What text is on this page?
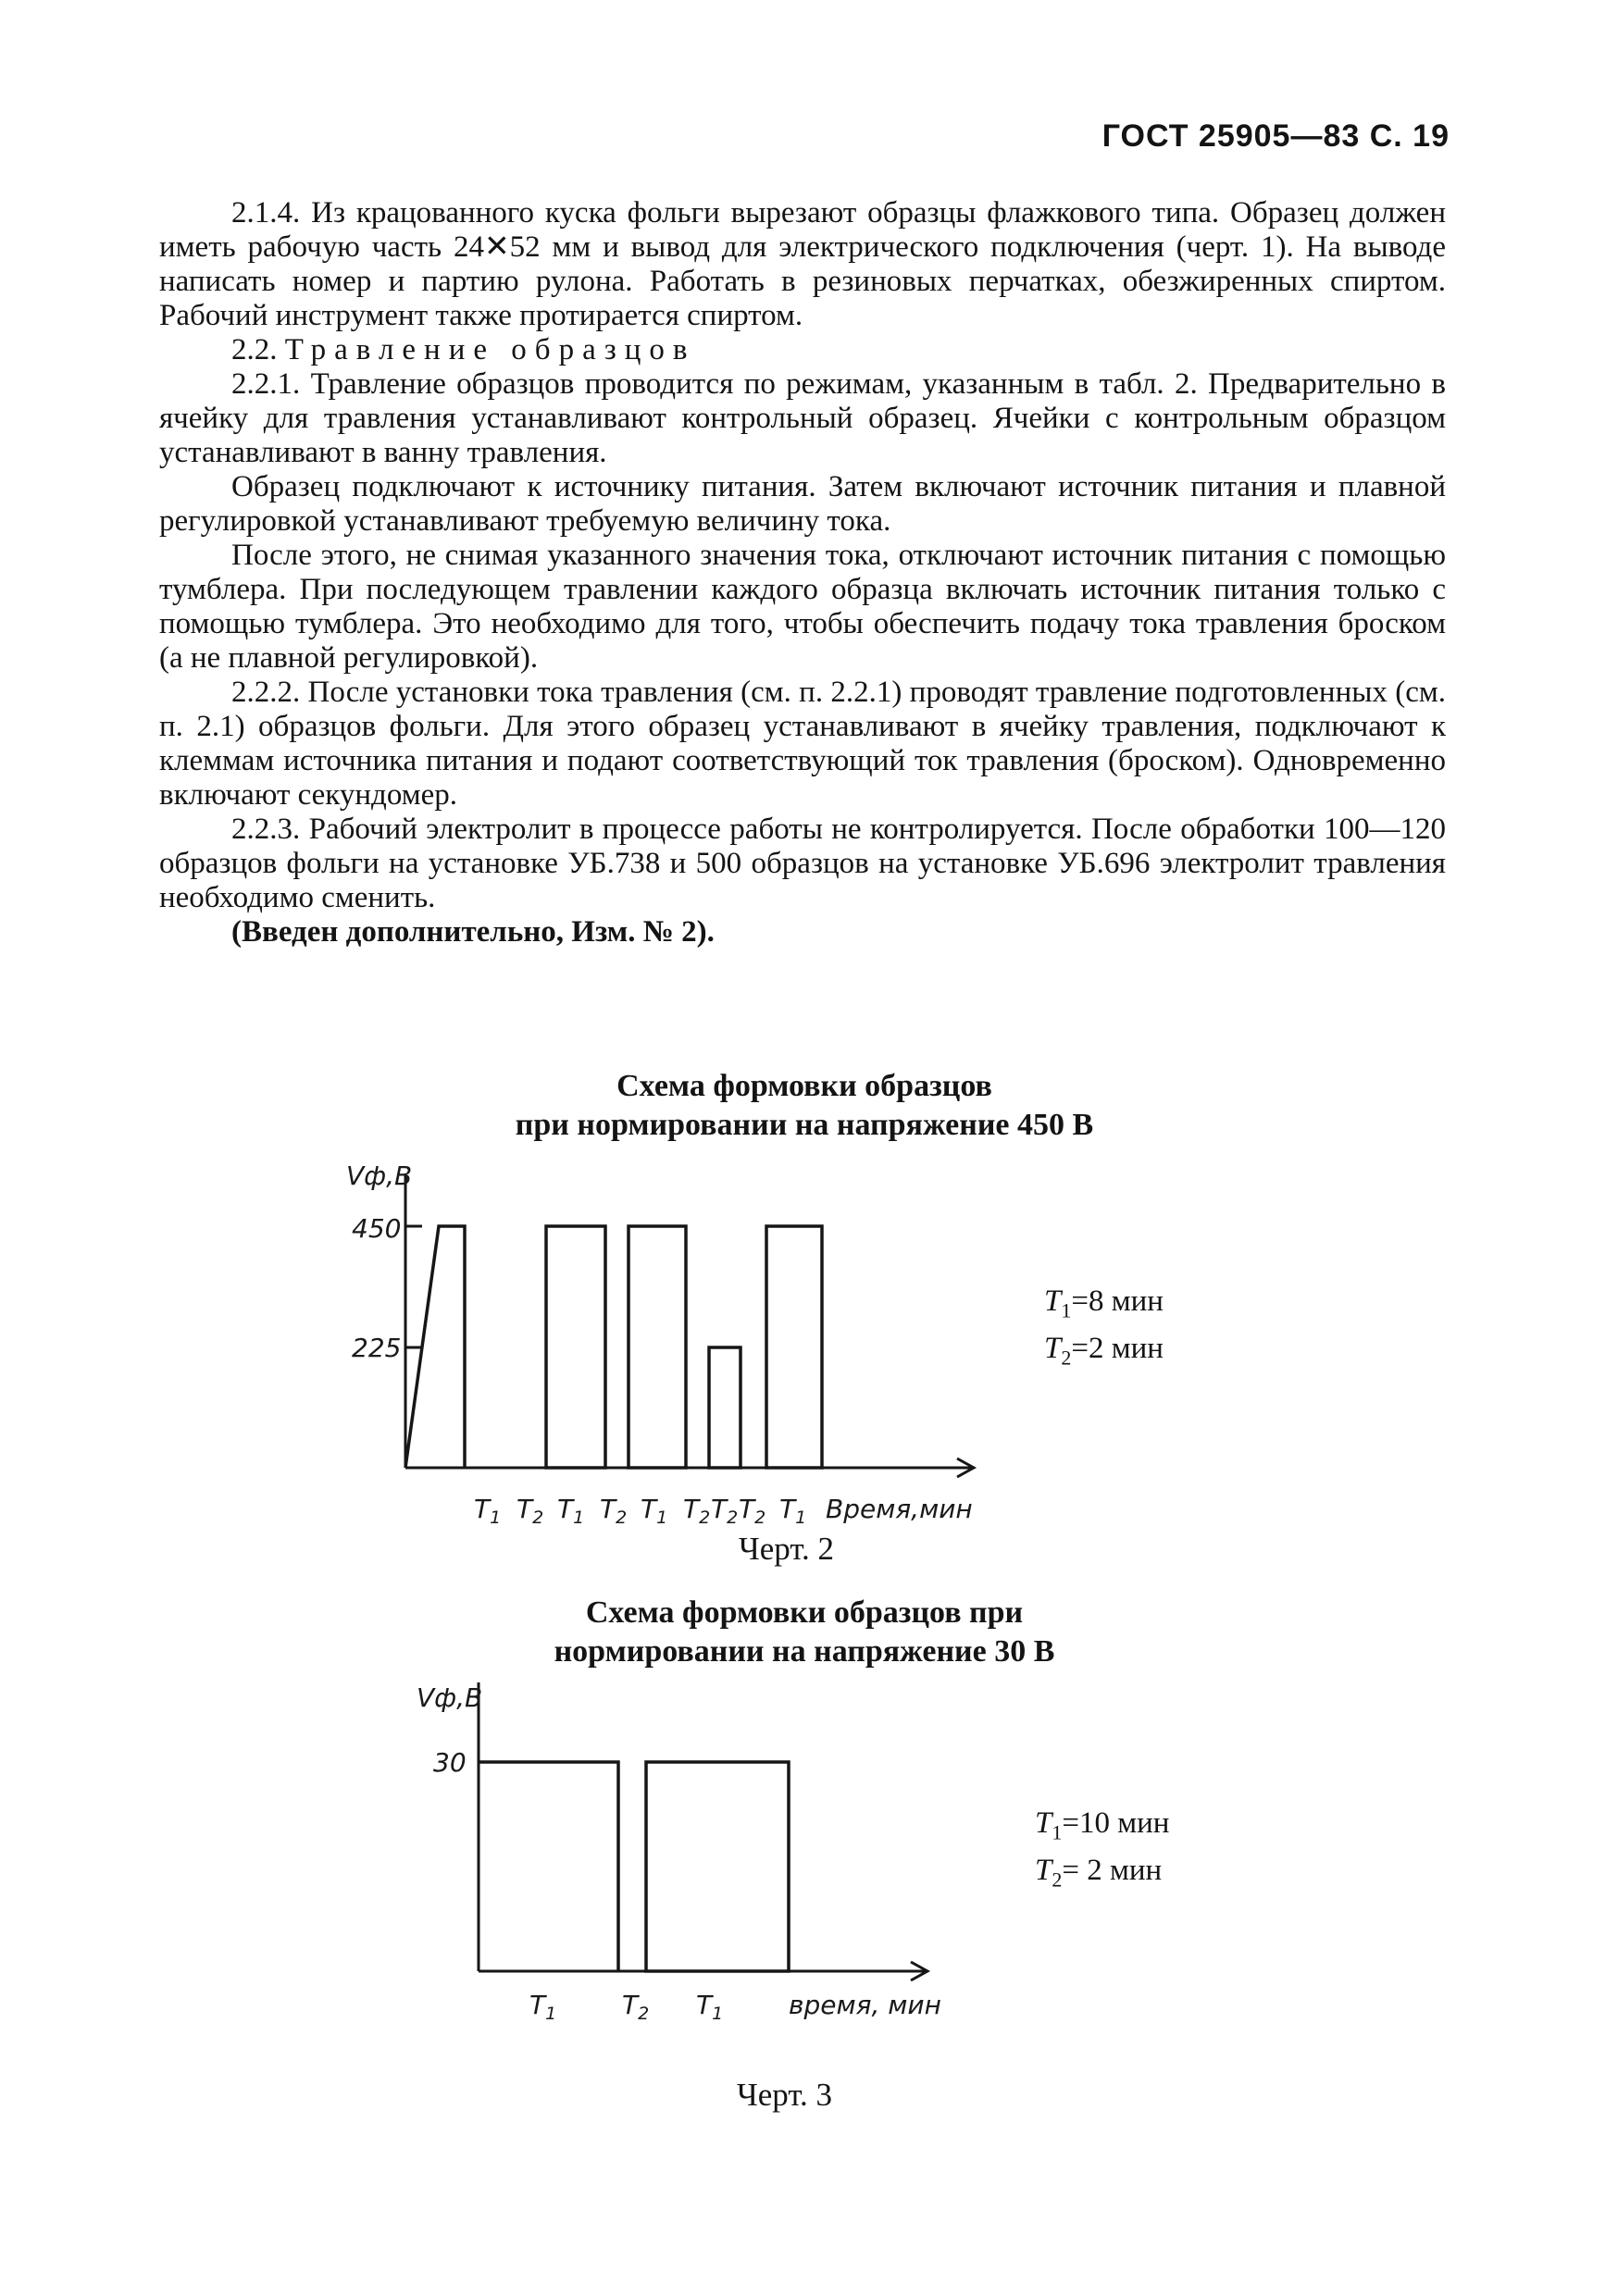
ГОСТ 25905—83 С. 19

2.1.4. Из крацованного куска фольги вырезают образцы флажкового типа. Образец должен иметь рабочую часть 24✕52 мм и вывод для электрического подключения (черт. 1). На выводе написать номер и партию рулона. Работать в резиновых перчатках, обезжиренных спиртом. Рабочий инструмент также протирается спиртом.

2.2. Травление образцов

2.2.1. Травление образцов проводится по режимам, указанным в табл. 2. Предварительно в ячейку для травления устанавливают контрольный образец. Ячейки с контрольным образцом устанавливают в ванну травления.

Образец подключают к источнику питания. Затем включают источник питания и плавной регулировкой устанавливают требуемую величину тока.

После этого, не снимая указанного значения тока, отключают источник питания с помощью тумблера. При последующем травлении каждого образца включать источник питания только с помощью тумблера. Это необходимо для того, чтобы обеспечить подачу тока травления броском (а не плавной регулировкой).

2.2.2. После установки тока травления (см. п. 2.2.1) проводят травление подготовленных (см. п. 2.1) образцов фольги. Для этого образец устанавливают в ячейку травления, подключают к клеммам источника питания и подают соответствующий ток травления (броском). Одновременно включают секундомер.

2.2.3. Рабочий электролит в процессе работы не контролируется. После обработки 100—120 образцов фольги на установке УБ.738 и 500 образцов на установке УБ.696 электролит травления необходимо сменить.

(Введен дополнительно, Изм. № 2).

Схема формовки образцов
при нормировании на напряжение 450 В
Vф,В
450
225
$T_1$ $T_2$ $T_1$ $T_2$ $T_1$ $T_2$ $T_2$ $T_2$ $T_1$ Время,мин
$T_1=8$ мин
$T_2=2$ мин
Черт. 2
Схема формовки образцов при
нормировании на напряжение 30 В
Vф,В
30
$T_1$	$T_2$ $T_1$	время, мин
$T_1=10$ мин
$T_2= 2$ мин
Черт. 3
